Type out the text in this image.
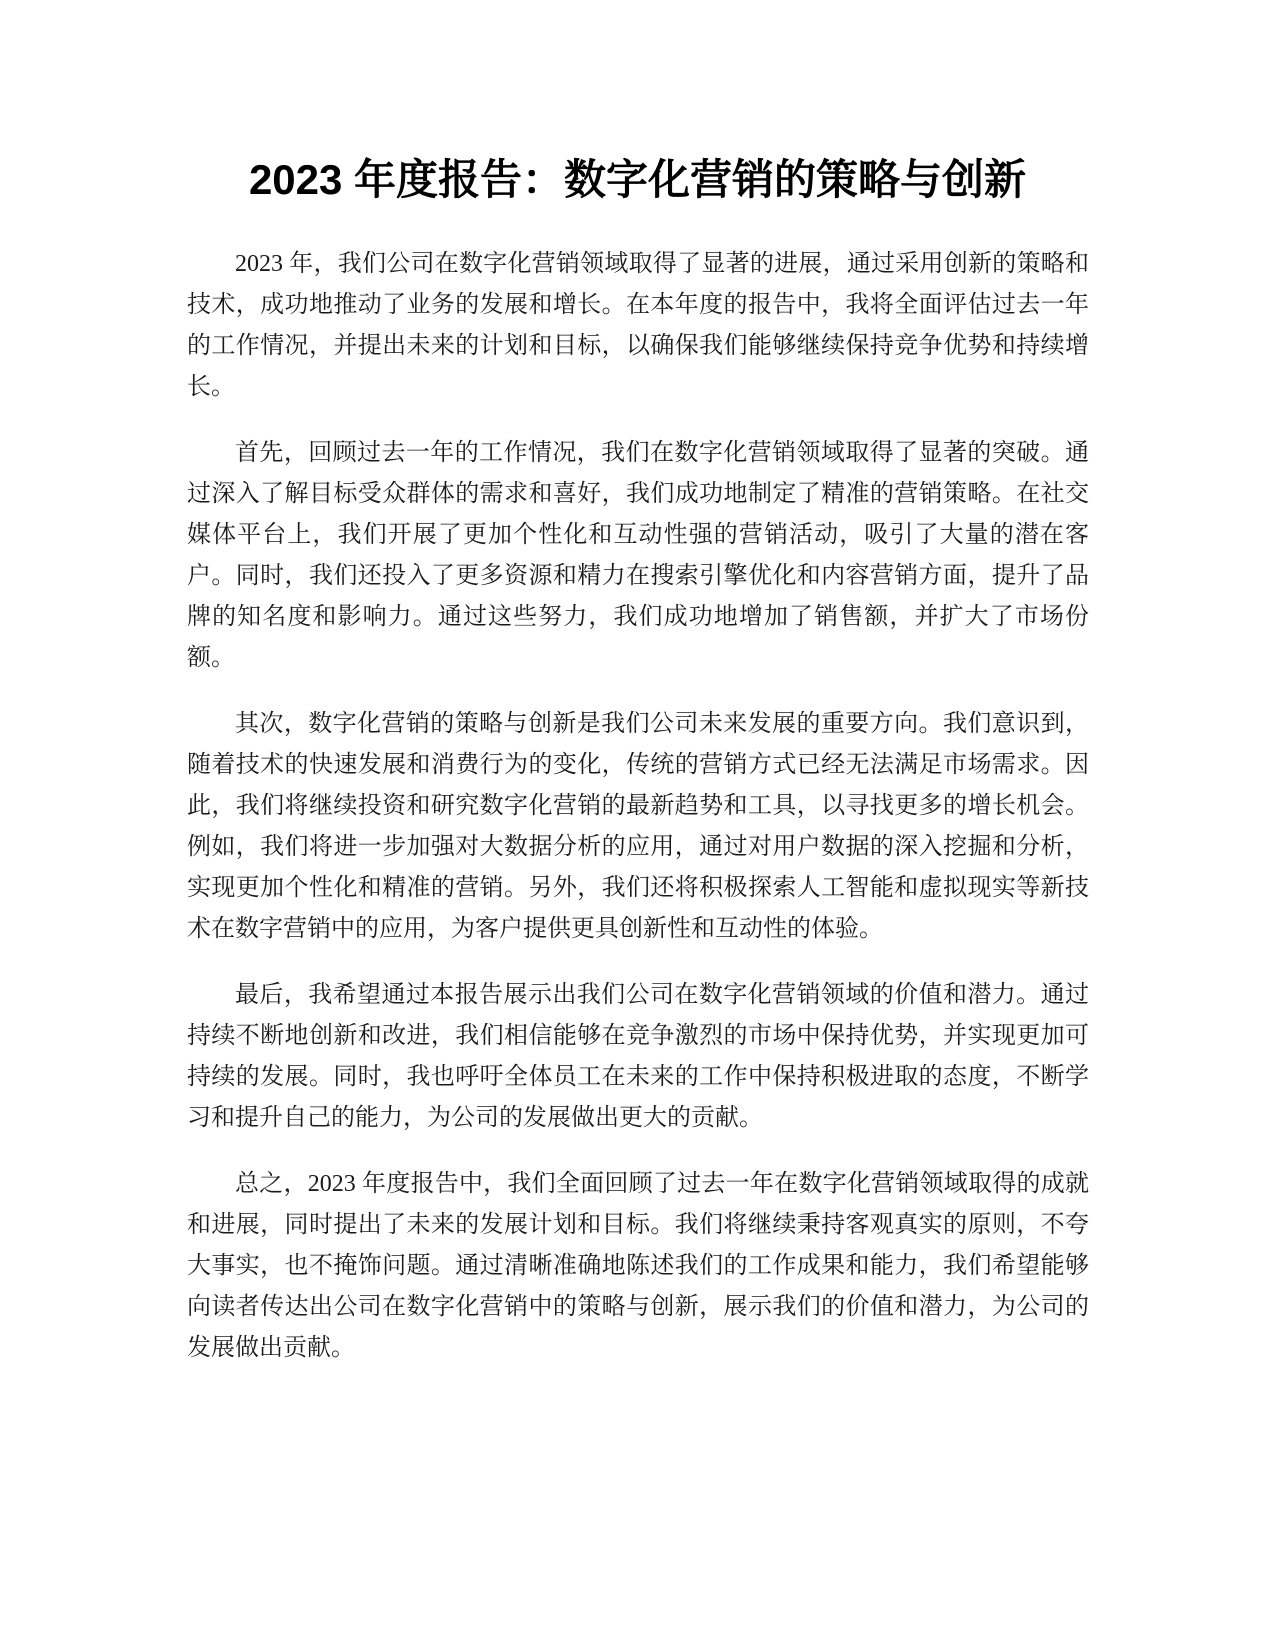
2023 年度报告：数字化营销的策略与创新

2023 年，我们公司在数字化营销领域取得了显著的进展，通过采用创新的策略和技术，成功地推动了业务的发展和增长。在本年度的报告中，我将全面评估过去一年的工作情况，并提出未来的计划和目标，以确保我们能够继续保持竞争优势和持续增长。

首先，回顾过去一年的工作情况，我们在数字化营销领域取得了显著的突破。通过深入了解目标受众群体的需求和喜好，我们成功地制定了精准的营销策略。在社交媒体平台上，我们开展了更加个性化和互动性强的营销活动，吸引了大量的潜在客户。同时，我们还投入了更多资源和精力在搜索引擎优化和内容营销方面，提升了品牌的知名度和影响力。通过这些努力，我们成功地增加了销售额，并扩大了市场份额。

其次，数字化营销的策略与创新是我们公司未来发展的重要方向。我们意识到，随着技术的快速发展和消费行为的变化，传统的营销方式已经无法满足市场需求。因此，我们将继续投资和研究数字化营销的最新趋势和工具，以寻找更多的增长机会。例如，我们将进一步加强对大数据分析的应用，通过对用户数据的深入挖掘和分析，实现更加个性化和精准的营销。另外，我们还将积极探索人工智能和虚拟现实等新技术在数字营销中的应用，为客户提供更具创新性和互动性的体验。

最后，我希望通过本报告展示出我们公司在数字化营销领域的价值和潜力。通过持续不断地创新和改进，我们相信能够在竞争激烈的市场中保持优势，并实现更加可持续的发展。同时，我也呼吁全体员工在未来的工作中保持积极进取的态度，不断学习和提升自己的能力，为公司的发展做出更大的贡献。

总之，2023 年度报告中，我们全面回顾了过去一年在数字化营销领域取得的成就和进展，同时提出了未来的发展计划和目标。我们将继续秉持客观真实的原则，不夸大事实，也不掩饰问题。通过清晰准确地陈述我们的工作成果和能力，我们希望能够向读者传达出公司在数字化营销中的策略与创新，展示我们的价值和潜力，为公司的发展做出贡献。
